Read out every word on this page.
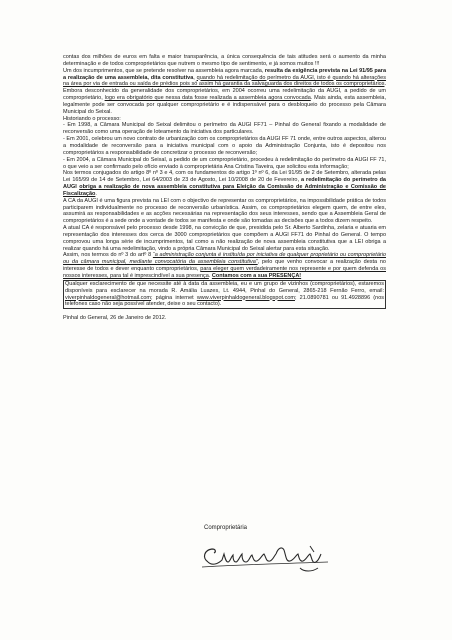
contas dos milhões de euros em falta e maior transparência, a única consequência de tais atitudes será o aumento da minha determinação e de todos comproprietários que nutrem o mesmo tipo de sentimento, e já somos muitos !!!

Um dos incumprimentos, que se pretende resolver na assembleia agora marcada, resulta da exigência prevista na Lei 91/95 para a realização de uma assembleia, dita constitutiva, quando há redelimitação do perímetro da AUGI, isto é quando há alterações na área por via de entrada ou saída de prédios pois só assim há garantia da salvaguarda dos direitos de todos os comproprietários. Embora desconhecido da generalidade dos comproprietários, em 2004 ocorreu uma redelimitação da AUGI, a pedido de um comproprietário, logo era obrigatório que nessa data fosse realizada a assembleia agora convocada. Mais ainda, esta assembleia, legalmente pode ser convocada por qualquer comproprietário e é indispensável para o desbloqueio do processo pela Câmara Municipal do Seixal.

Historiando o processo:

- Em 1998, a Câmara Municipal do Seixal delimitou o perímetro da AUGI FF71 – Pinhal do General fixando a modalidade de reconversão como uma operação de loteamento da iniciativa dos particulares.

- Em 2001, celebrou um novo contrato de urbanização com os comproprietários da AUGI FF 71 onde, entre outros aspectos, alterou a modalidade de reconversão para a iniciativa municipal com o apoio da Administração Conjunta, isto é depositou nos comproprietários a responsabilidade de concretizar o processo de reconversão;

- Em 2004, a Câmara Municipal do Seixal, a pedido de um comproprietário, procedeu à redelimitação do perímetro da AUGI FF 71, o que veio a ser confirmado pelo ofício enviado à comproprietária Ana Cristina Taveira, que solicitou esta informação;

Nos termos conjugados do artigo 8º nº 3 e 4, com os fundamentos do artigo 1º nº 6, da Lei 91/95 de 2 de Setembro, alterada pelas Lei 165/99 de 14 de Setembro, Lei 64/2003 de 23 de Agosto, Lei 10/2008 de 20 de Fevereiro, a redelimitação do perímetro da AUGI obriga a realização de nova assembleia constitutiva para Eleição da Comissão de Administração e Comissão de Fiscalização.

A CA da AUGI é uma figura prevista na LEI com o objectivo de representar os comproprietários, na impossibilidade prática de todos participarem individualmente no processo de reconversão urbanística. Assim, os comproprietários elegem quem, de entre eles, assumirá as responsabilidades e as acções necessárias na representação dos seus interesses, sendo que a Assembleia Geral de comproprietários é a sede onde a vontade de todos se manifesta e onde são tomadas as decisões que a todos dizem respeito.

A atual CA é responsável pelo processo desde 1998, na convicção de que, presidida pelo Sr. Alberto Sardinha, zelaria e atuaria em representação dos interesses dos cerca de 3000 comproprietários que compõem a AUGI FF71 do Pinhal do General. O tempo comprovou uma longa série de incumprimentos, tal como a não realização de nova assembleia constitutiva que a LEI obriga a realizar quando há uma redelimitação, vindo a própria Câmara Municipal do Seixal alertar para esta situação.

Assim, nos termos do nº 3 do artº 8 “a administração conjunta é instituída por iniciativa de qualquer proprietário ou comproprietário ou da câmara municipal, mediante convocatória da assembleia constitutiva”, pelo que venho convocar a realização desta no interesse de todos e dever enquanto comproprietários, para eleger quem verdadeiramente nos represente e por quem defenda os nossos interesses, para tal é imprescindível a sua presença. Contamos com a sua PRESENÇA!

Qualquer esclarecimento de que necessite até à data da assembleia, eu e um grupo de vizinhos (comproprietários), estaremos disponíveis para esclarecer na morada R. Amália Luazes, Lt. 4944, Pinhal do General, 2865-218 Fernão Ferro, email: viverpinhaldogeneral@hotmail.com; página internet www.viverpinhaldogeneral.blogspot.com; 21.0890781 ou 91.4928896 (nos telefones caso não seja possível atender, deixe o seu contacto).

Pinhal do General, 26 de Janeiro de 2012.

Comproprietária
